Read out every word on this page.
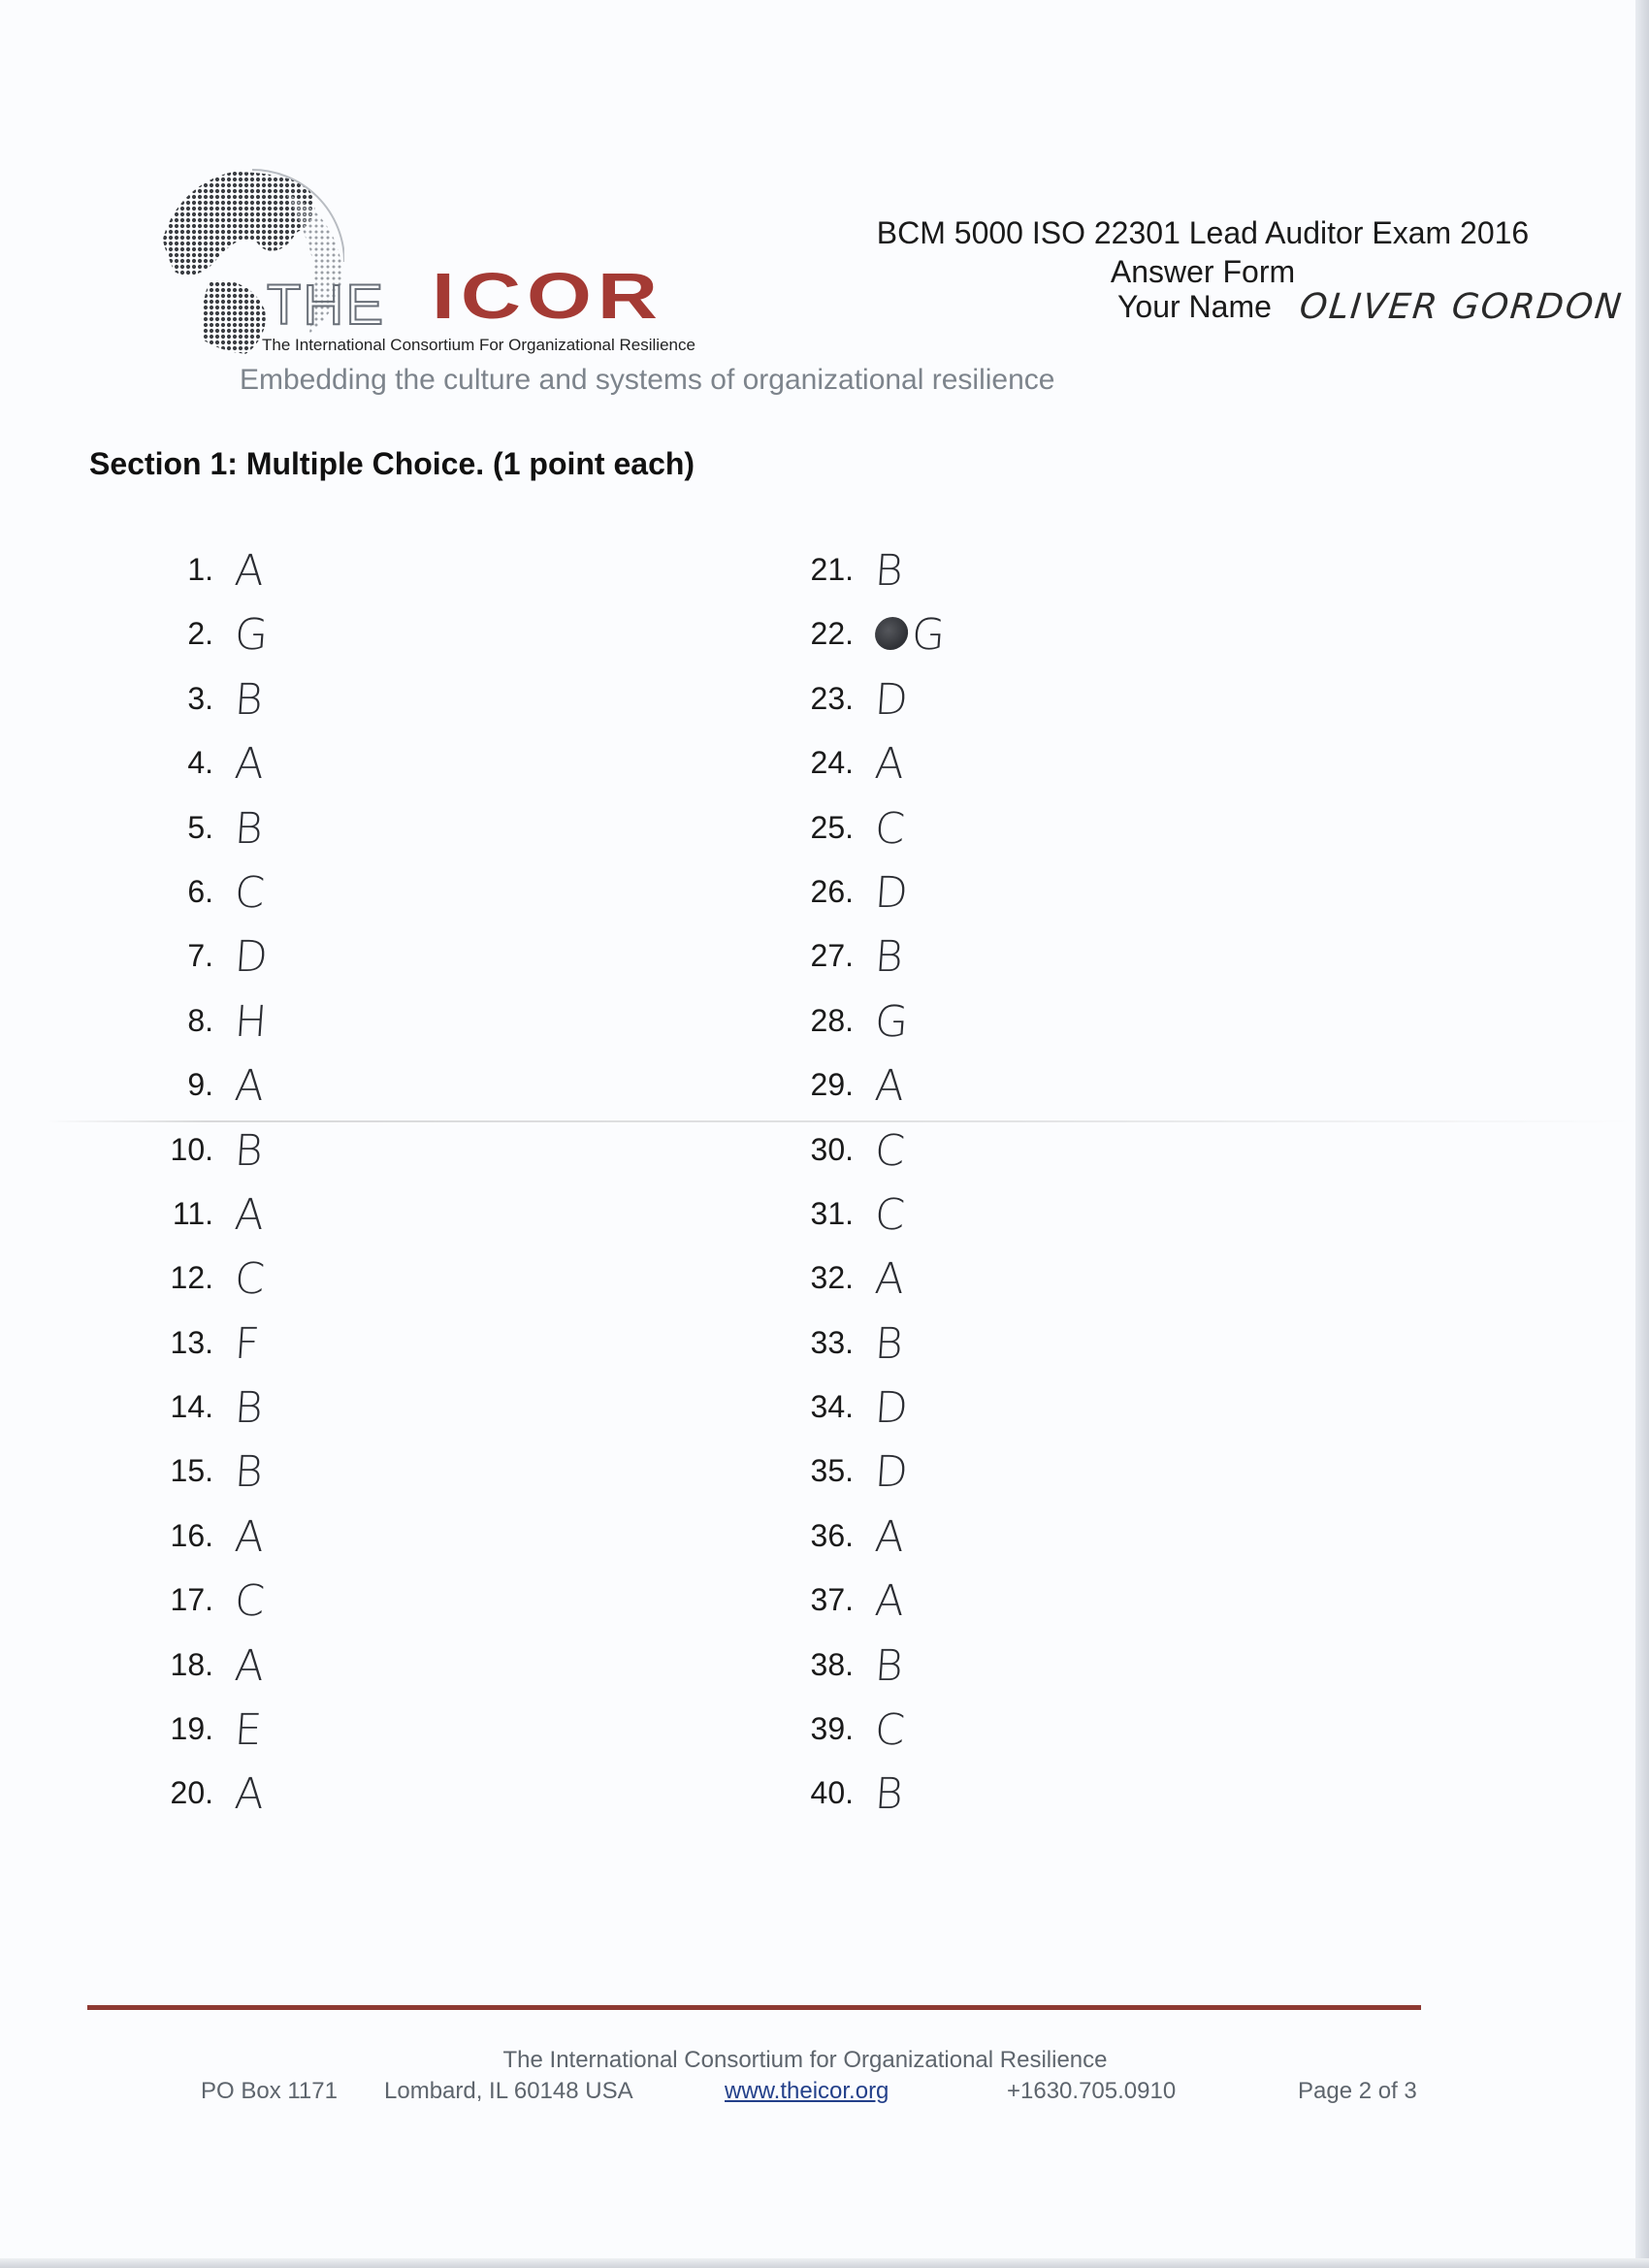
THE ICOR
The International Consortium For Organizational Resilience
Embedding the culture and systems of organizational resilience
BCM 5000 ISO 22301 Lead Auditor Exam 2016
Answer Form
Your Name OLIVER GORDON
Section 1: Multiple Choice. (1 point each)
1. A
2. G
3. B
4. A
5. B
6. C
7. D
8. H
9. A
10. B
11. A
12. C
13. F
14. B
15. B
16. A
17. C
18. A
19. E
20. A
21. B
22.	G
23. D
24. A
25. C
26. D
27. B
28. G
29. A
30. C
31. C
32. A
33. B
34. D
35. D
36. A
37. A
38. B
39. C
40. B
The International Consortium for Organizational Resilience
PO Box 1171 Lombard, IL 60148 USA	www.theicor.org	+1630.705.0910	Page 2 of 3
